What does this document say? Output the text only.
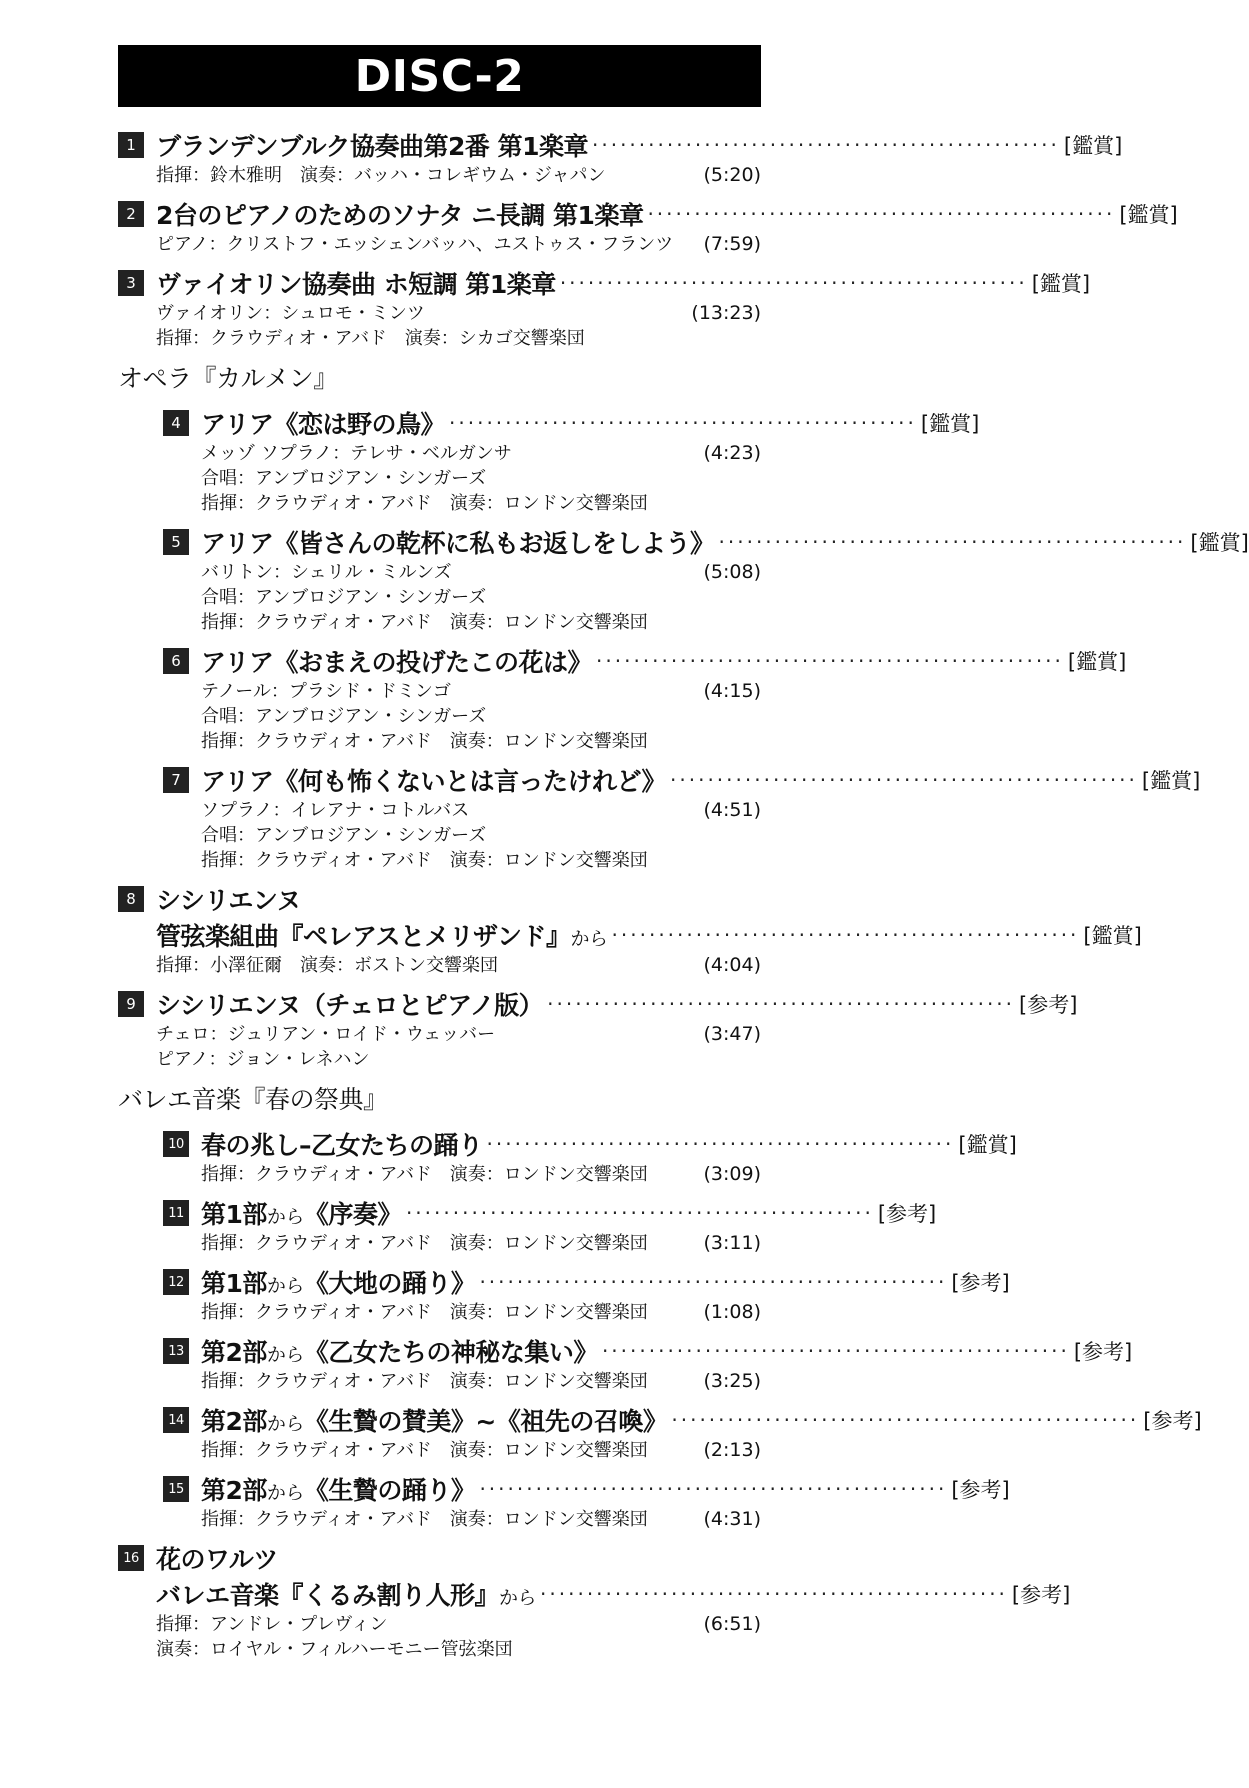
DISC-2
1 ブランデンブルク協奏曲第2番 第1楽章 ·················································· [鑑賞]
指揮：鈴木雅明　演奏：バッハ・コレギウム・ジャパン	(5:20)
2 2台のピアノのためのソナタ ニ長調 第1楽章 ·················································· [鑑賞]
ピアノ：クリストフ・エッシェンバッハ、ユストゥス・フランツ (7:59)
3 ヴァイオリン協奏曲 ホ短調 第1楽章 ·················································· [鑑賞]
ヴァイオリン：シュロモ・ミンツ	(13:23)
指揮：クラウディオ・アバド　演奏：シカゴ交響楽団
オペラ『カルメン』
4 アリア《恋は野の鳥》 ·················································· [鑑賞]
メッゾ ソプラノ：テレサ・ベルガンサ	(4:23)
合唱：アンブロジアン・シンガーズ
指揮：クラウディオ・アバド　演奏：ロンドン交響楽団
5 アリア《皆さんの乾杯に私もお返しをしよう》 ·················································· [鑑賞]
バリトン：シェリル・ミルンズ	(5:08)
合唱：アンブロジアン・シンガーズ
指揮：クラウディオ・アバド　演奏：ロンドン交響楽団
6 アリア《おまえの投げたこの花は》 ·················································· [鑑賞]
テノール：プラシド・ドミンゴ	(4:15)
合唱：アンブロジアン・シンガーズ
指揮：クラウディオ・アバド　演奏：ロンドン交響楽団
7 アリア《何も怖くないとは言ったけれど》 ·················································· [鑑賞]
ソプラノ：イレアナ・コトルバス	(4:51)
合唱：アンブロジアン・シンガーズ
指揮：クラウディオ・アバド　演奏：ロンドン交響楽団
8 シシリエンヌ
管弦楽組曲『ペレアスとメリザンド』から ·················································· [鑑賞]
指揮：小澤征爾　演奏：ボストン交響楽団	(4:04)
9 シシリエンヌ（チェロとピアノ版） ·················································· [参考]
チェロ：ジュリアン・ロイド・ウェッバー	(3:47)
ピアノ：ジョン・レネハン
バレエ音楽『春の祭典』
10 春の兆し–乙女たちの踊り ·················································· [鑑賞]
指揮：クラウディオ・アバド　演奏：ロンドン交響楽団	(3:09)
11 第1部から《序奏》 ·················································· [参考]
指揮：クラウディオ・アバド　演奏：ロンドン交響楽団	(3:11)
12 第1部から《大地の踊り》 ·················································· [参考]
指揮：クラウディオ・アバド　演奏：ロンドン交響楽団	(1:08)
13 第2部から《乙女たちの神秘な集い》 ·················································· [参考]
指揮：クラウディオ・アバド　演奏：ロンドン交響楽団	(3:25)
14 第2部から《生贄の賛美》~《祖先の召喚》 ·················································· [参考]
指揮：クラウディオ・アバド　演奏：ロンドン交響楽団	(2:13)
15 第2部から《生贄の踊り》 ·················································· [参考]
指揮：クラウディオ・アバド　演奏：ロンドン交響楽団	(4:31)
16 花のワルツ
バレエ音楽『くるみ割り人形』から ·················································· [参考]
指揮：アンドレ・プレヴィン	(6:51)
演奏：ロイヤル・フィルハーモニー管弦楽団
